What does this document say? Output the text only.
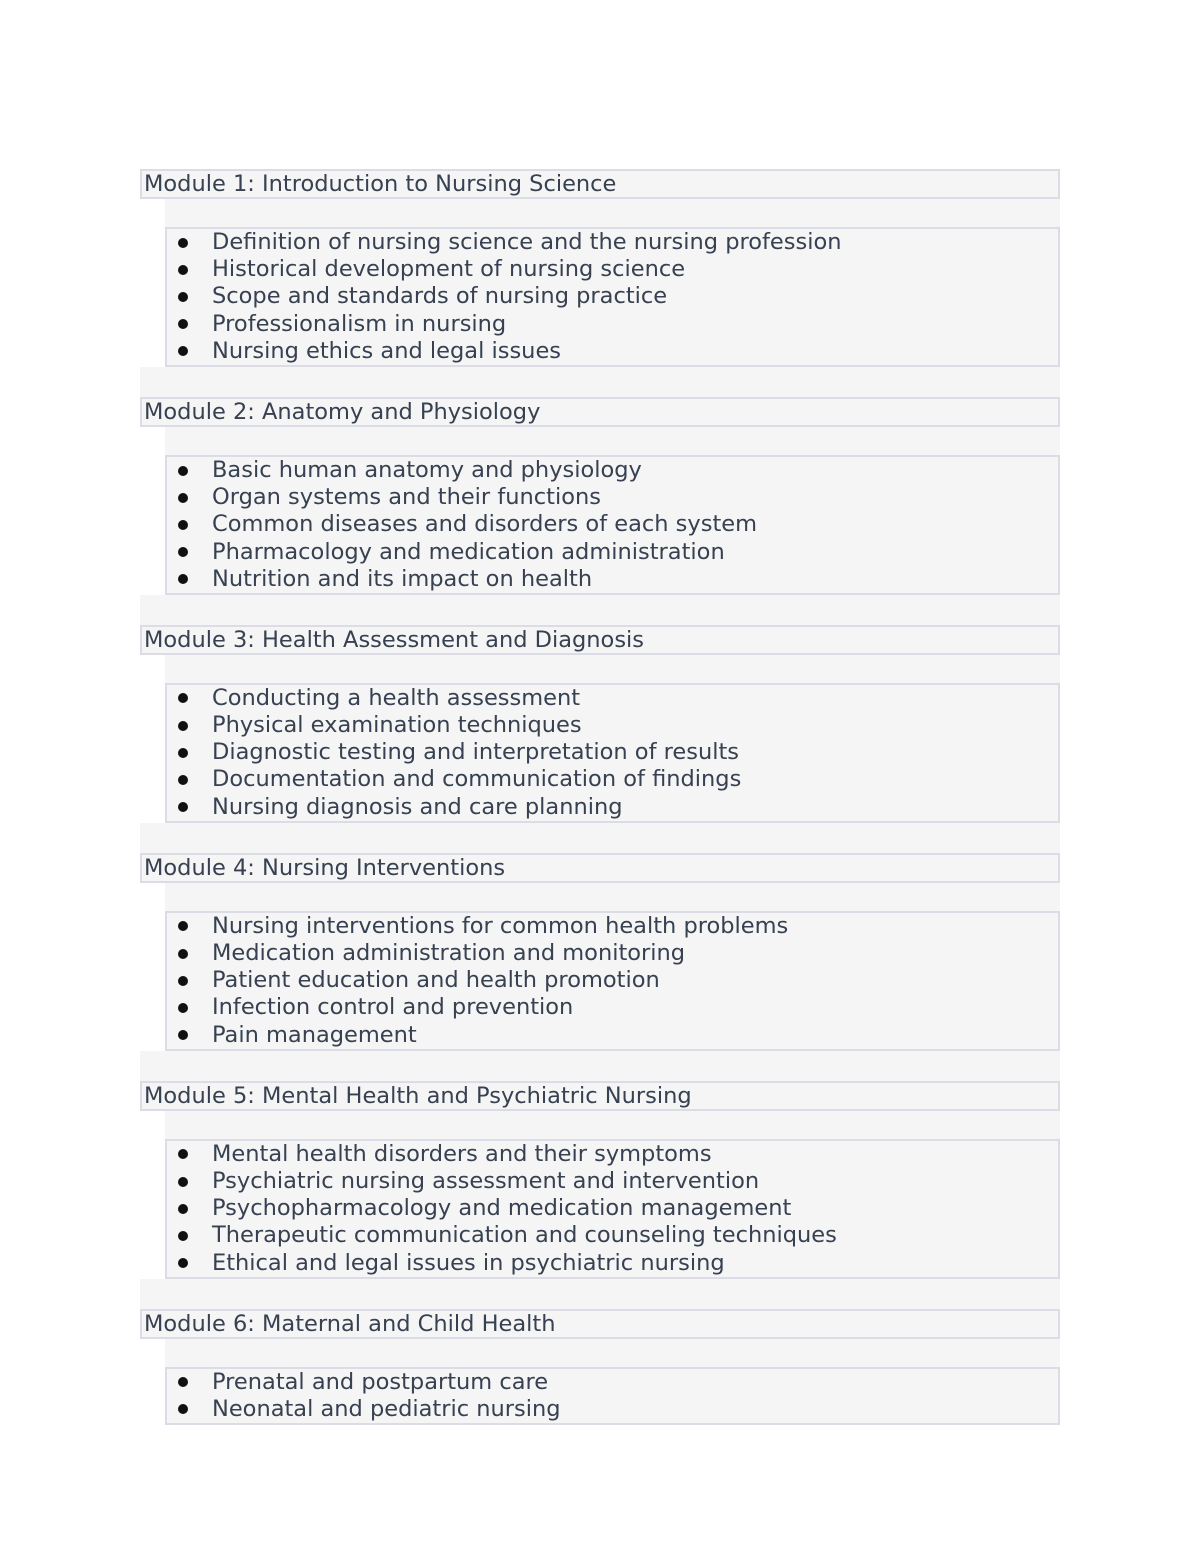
Module 1: Introduction to Nursing Science
Definition of nursing science and the nursing profession
Historical development of nursing science
Scope and standards of nursing practice
Professionalism in nursing
Nursing ethics and legal issues
Module 2: Anatomy and Physiology
Basic human anatomy and physiology
Organ systems and their functions
Common diseases and disorders of each system
Pharmacology and medication administration
Nutrition and its impact on health
Module 3: Health Assessment and Diagnosis
Conducting a health assessment
Physical examination techniques
Diagnostic testing and interpretation of results
Documentation and communication of findings
Nursing diagnosis and care planning
Module 4: Nursing Interventions
Nursing interventions for common health problems
Medication administration and monitoring
Patient education and health promotion
Infection control and prevention
Pain management
Module 5: Mental Health and Psychiatric Nursing
Mental health disorders and their symptoms
Psychiatric nursing assessment and intervention
Psychopharmacology and medication management
Therapeutic communication and counseling techniques
Ethical and legal issues in psychiatric nursing
Module 6: Maternal and Child Health
Prenatal and postpartum care
Neonatal and pediatric nursing
